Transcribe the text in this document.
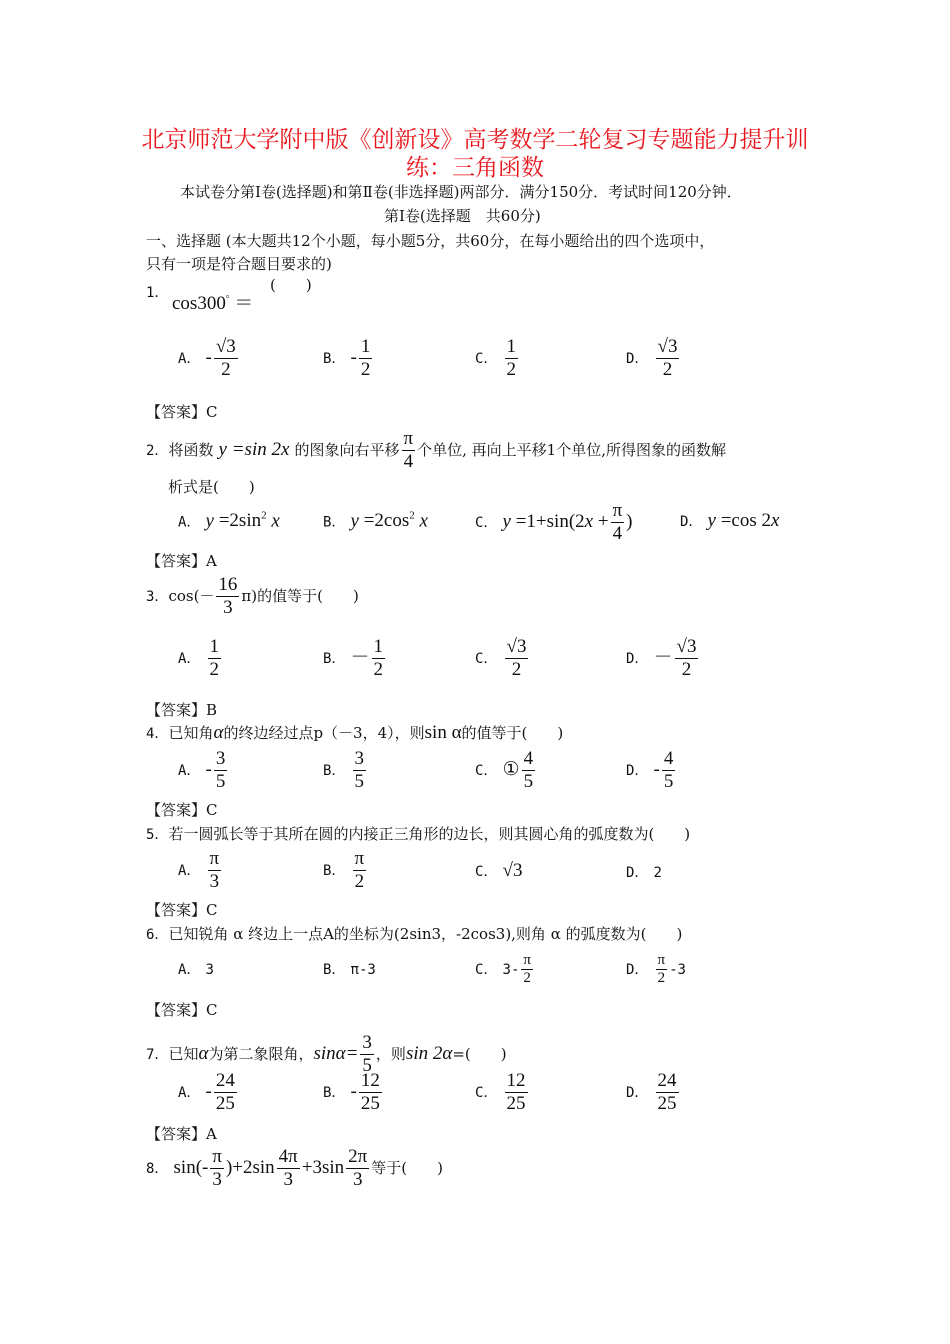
北京师范大学附中版《创新设》高考数学二轮复习专题能力提升训
练：三角函数
本试卷分第Ⅰ卷(选择题)和第Ⅱ卷(非选择题)两部分．满分150分．考试时间120分钟．
第Ⅰ卷(选择题　共60分)
一、选择题 (本大题共12个小题，每小题5分，共60分，在每小题给出的四个选项中，
只有一项是符合题目要求的)
1． cos300° ＝
(　　)
A． - $\frac{√3}{2}$	B． - $\frac{1}{2}$	C． $\frac{1}{2}$	D． $\frac{√3}{2}$
【答案】C
2．将函数 y =sin 2x 的图象向右平移 $\frac{\pi}{4}$ 个单位, 再向上平移1个单位,所得图象的函数解
析式是(　　)
A． $y =2\sin^2$ x	B． $y =2\cos^2$ x	C． $y =1+\sin(2x + \frac{\pi}{4}$ )	D． y =cos 2x
【答案】A
3．$\cos(- \frac{16}{3} \pi)$的值等于(　　)
A． $\frac{1}{2}$	B． － $\frac{1}{2}$	C． $\frac{√3}{2}$	D． － $\frac{√3}{2}$
【答案】B
4．已知角α的终边经过点p（－3，4），则sin α的值等于(　　)
A． - $\frac{3}{5}$	B． $\frac{3}{5}$	C． ① $\frac{4}{5}$	D． - $\frac{4}{5}$
【答案】C
5．若一圆弧长等于其所在圆的内接正三角形的边长，则其圆心角的弧度数为(　　)
A． $\frac{\pi}{3}$	B． $\frac{\pi}{2}$	C． √3	D． 2
【答案】C
6．已知锐角 α 终边上一点A的坐标为(2sin3，-2cos3),则角 α 的弧度数为(　　)
A． 3	B． π-3	C． $3- \frac{\pi}{2}$	D． $\frac{\pi}{2} -3$
【答案】C
7．已知α为第二象限角，$\sin\alpha= \frac{3}{5}$ ，则sin 2α=(　　)
A． - $\frac{24}{25}$	B． - $\frac{12}{25}$	C． $\frac{12}{25}$	D． $\frac{24}{25}$
【答案】A
8． $\sin(- \frac{\pi}{3} )+2\sin \frac{4\pi}{3} +3\sin \frac{2\pi}{3}$ 等于(　　)
